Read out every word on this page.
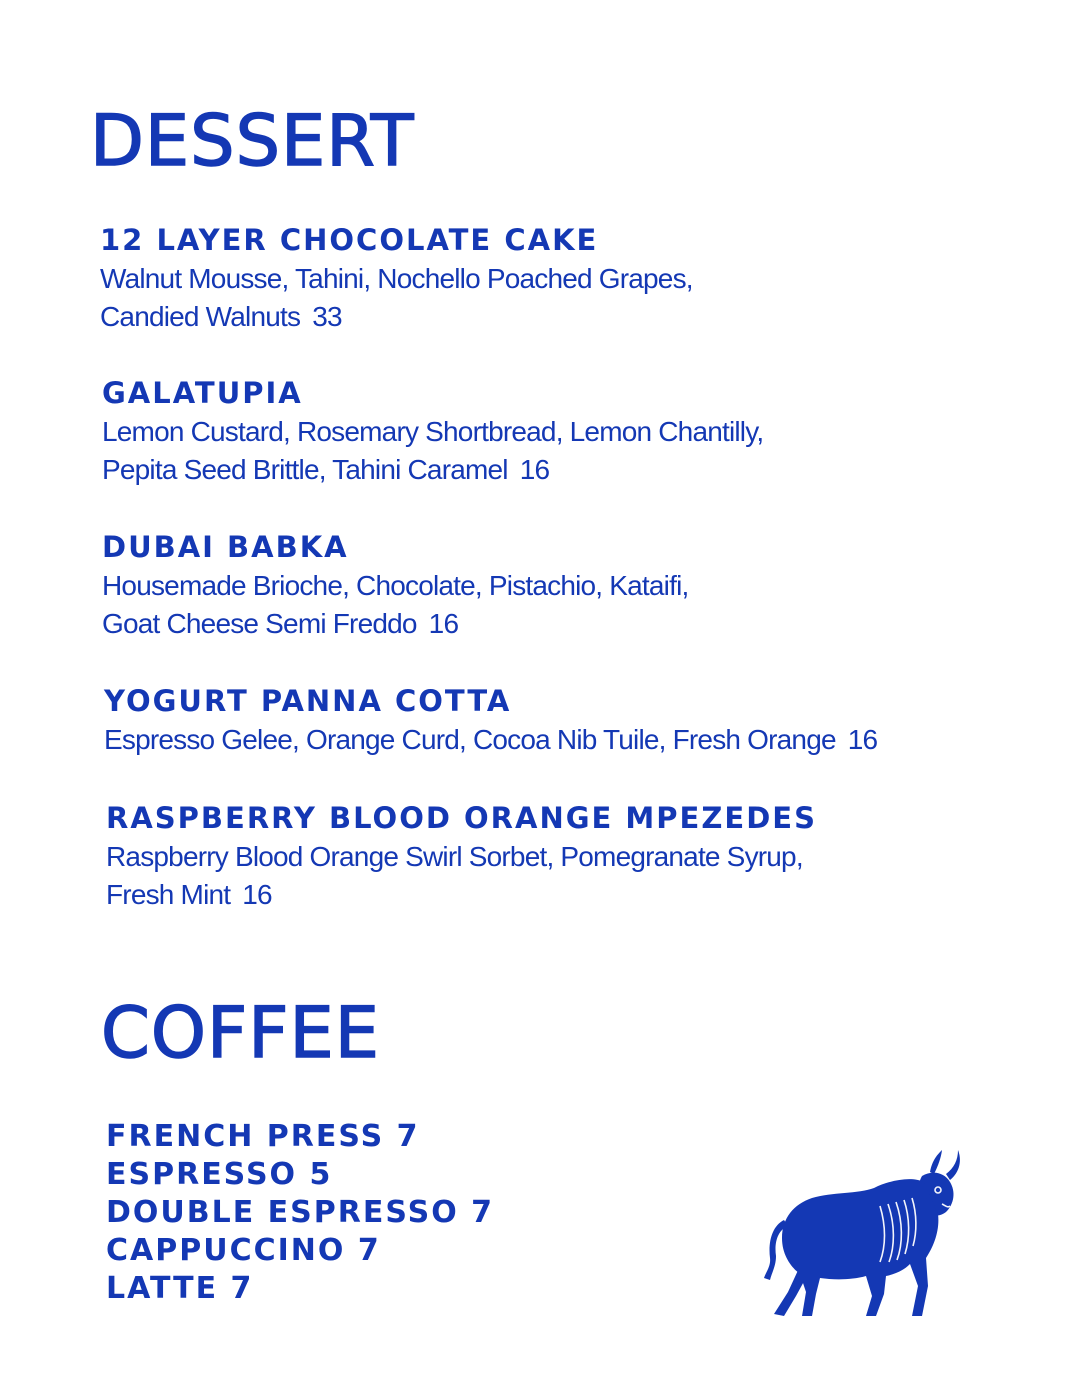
DESSERT
12 LAYER CHOCOLATE CAKE
Walnut Mousse, Tahini, Nochello Poached Grapes,
Candied Walnuts 33
GALATUPIA
Lemon Custard, Rosemary Shortbread, Lemon Chantilly,
Pepita Seed Brittle, Tahini Caramel 16
DUBAI BABKA
Housemade Brioche, Chocolate, Pistachio, Kataifi,
Goat Cheese Semi Freddo 16
YOGURT PANNA COTTA
Espresso Gelee, Orange Curd, Cocoa Nib Tuile, Fresh Orange 16
RASPBERRY BLOOD ORANGE MPEZEDES
Raspberry Blood Orange Swirl Sorbet, Pomegranate Syrup,
Fresh Mint 16
COFFEE
FRENCH PRESS 7
ESPRESSO 5
DOUBLE ESPRESSO 7
CAPPUCCINO 7
LATTE 7
